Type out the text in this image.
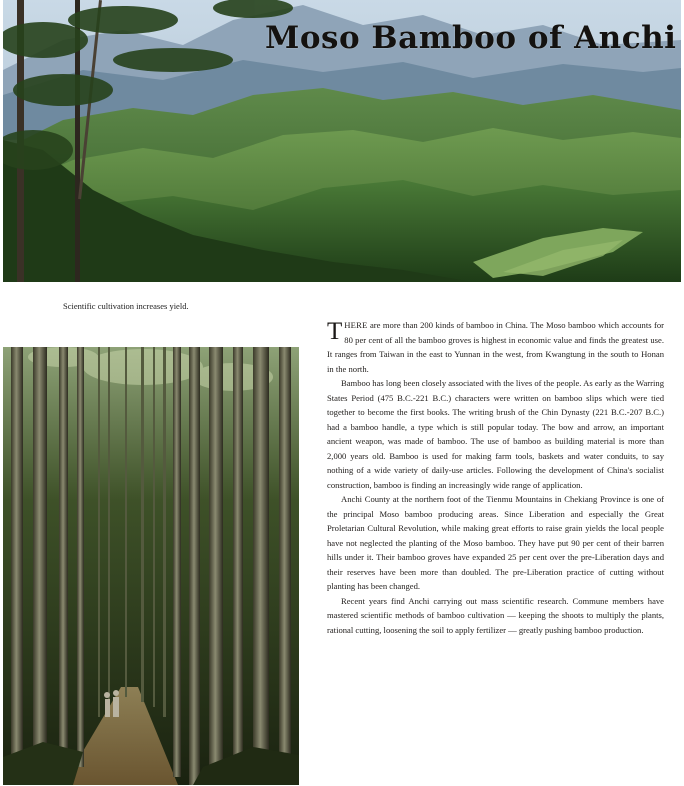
Moso Bamboo of Anchi
Scientific cultivation increases yield.

THERE are more than 200 kinds of bamboo in China. The Moso bamboo which accounts for 80 per cent of all the bamboo groves is highest in economic value and finds the greatest use. It ranges from Taiwan in the east to Yunnan in the west, from Kwangtung in the south to Honan in the north.

Bamboo has long been closely associated with the lives of the people. As early as the Warring States Period (475 B.C.-221 B.C.) characters were written on bamboo slips which were tied together to become the first books. The writing brush of the Chin Dynasty (221 B.C.-207 B.C.) had a bamboo handle, a type which is still popular today. The bow and arrow, an important ancient weapon, was made of bamboo. The use of bamboo as building material is more than 2,000 years old. Bamboo is used for making farm tools, baskets and water conduits, to say nothing of a wide variety of daily-use articles. Following the development of China's socialist construction, bamboo is finding an increasingly wide range of application.

Anchi County at the northern foot of the Tienmu Mountains in Chekiang Province is one of the principal Moso bamboo producing areas. Since Liberation and especially the Great Proletarian Cultural Revolution, while making great efforts to raise grain yields the local people have not neglected the planting of the Moso bamboo. They have put 90 per cent of their barren hills under it. Their bamboo groves have expanded 25 per cent over the pre-Liberation days and their reserves have been more than doubled. The pre-Liberation practice of cutting without planting has been changed.

Recent years find Anchi carrying out mass scientific research. Commune members have mastered scientific methods of bamboo cultivation — keeping the shoots to multiply the plants, rational cutting, loosening the soil to apply fertilizer — greatly pushing bamboo production.
